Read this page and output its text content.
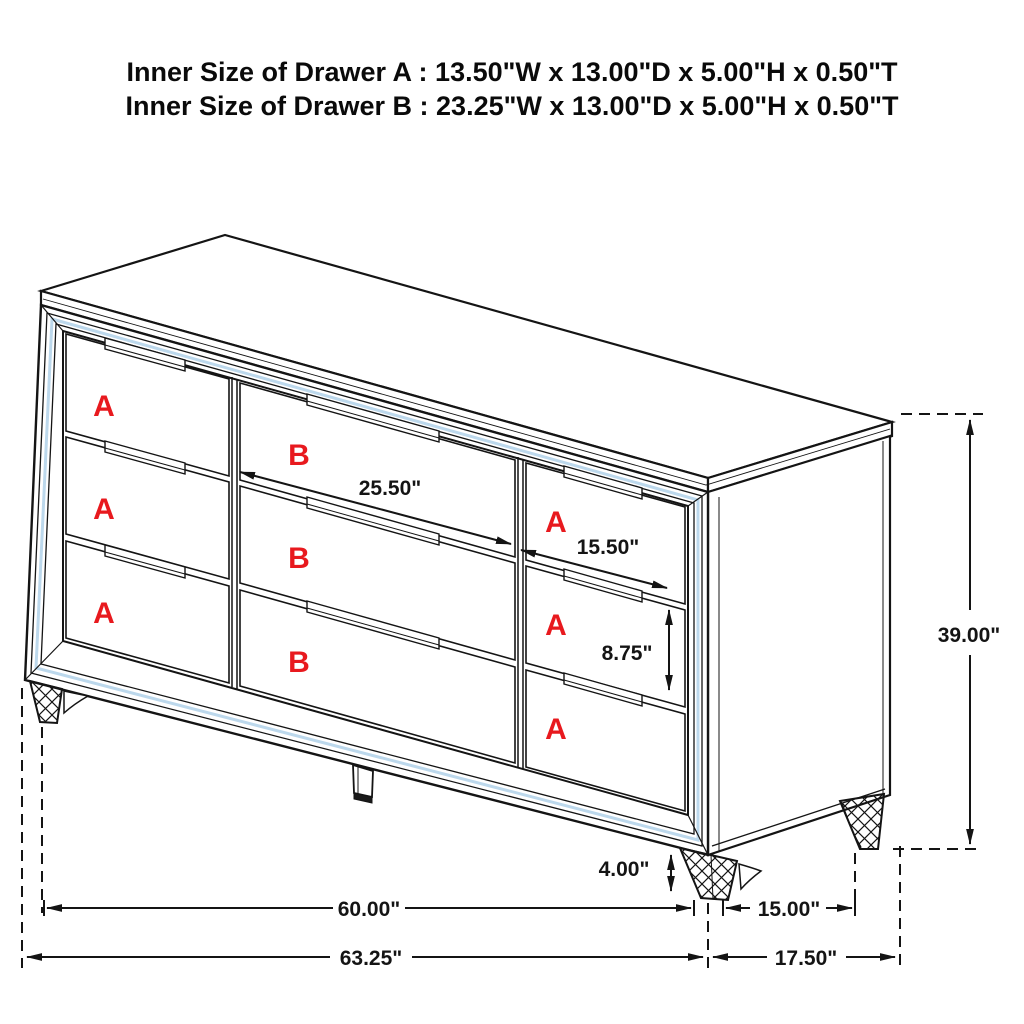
Inner Size of Drawer A : 13.50"W x 13.00"D x 5.00"H x 0.50"T
Inner Size of Drawer B : 23.25"W x 13.00"D x 5.00"H x 0.50"T
A
A
A
B
B
B
A
A
A
25.50"
15.50"
8.75"
39.00"
4.00"
60.00"	15.00"
63.25"	17.50"
